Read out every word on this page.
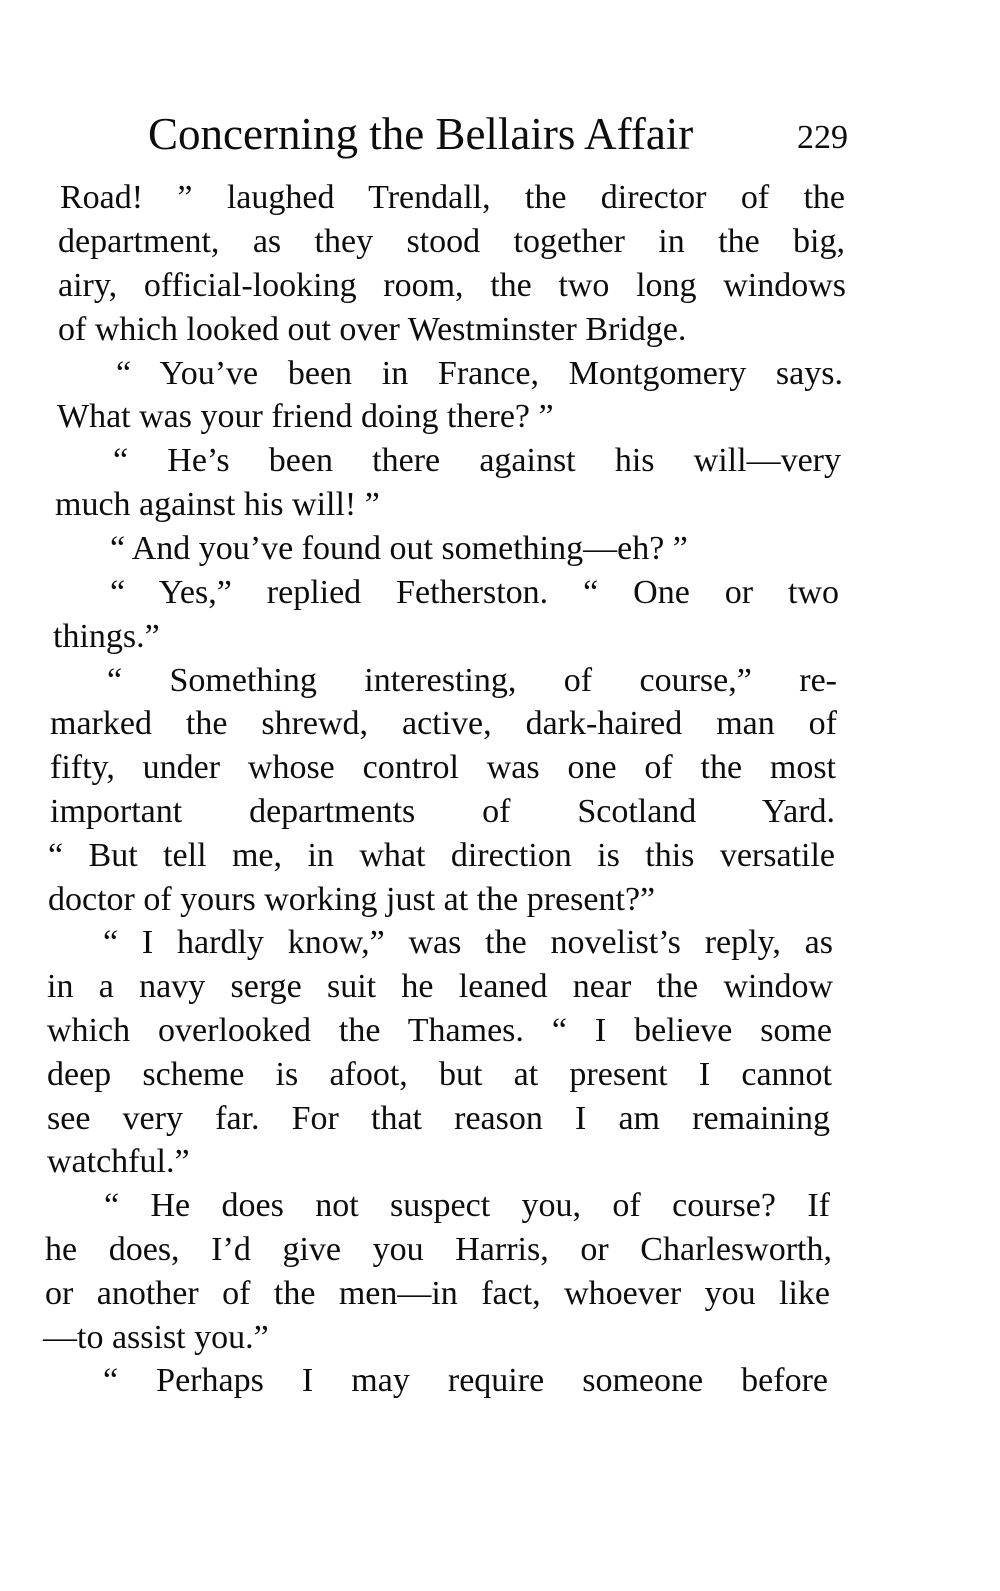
Concerning the Bellairs Affair	229
Road! ” laughed Trendall, the director of the
department, as they stood together in the big,
airy, official-looking room, the two long windows
of which looked out over Westminster Bridge.
“ You’ve been in France, Montgomery says.
What was your friend doing there? ”
“ He’s been there against his will—very
much against his will! ”
“ And you’ve found out something—eh? ”
“ Yes,” replied Fetherston. “ One or two
things.”
“ Something interesting, of course,” re-
marked the shrewd, active, dark-haired man of
fifty, under whose control was one of the most
important departments of Scotland Yard.
“ But tell me, in what direction is this versatile
doctor of yours working just at the present?”
“ I hardly know,” was the novelist’s reply, as
in a navy serge suit he leaned near the window
which overlooked the Thames. “ I believe some
deep scheme is afoot, but at present I cannot
see very far. For that reason I am remaining
watchful.”
“ He does not suspect you, of course? If
he does, I’d give you Harris, or Charlesworth,
or another of the men—in fact, whoever you like
—to assist you.”
“ Perhaps I may require someone before
